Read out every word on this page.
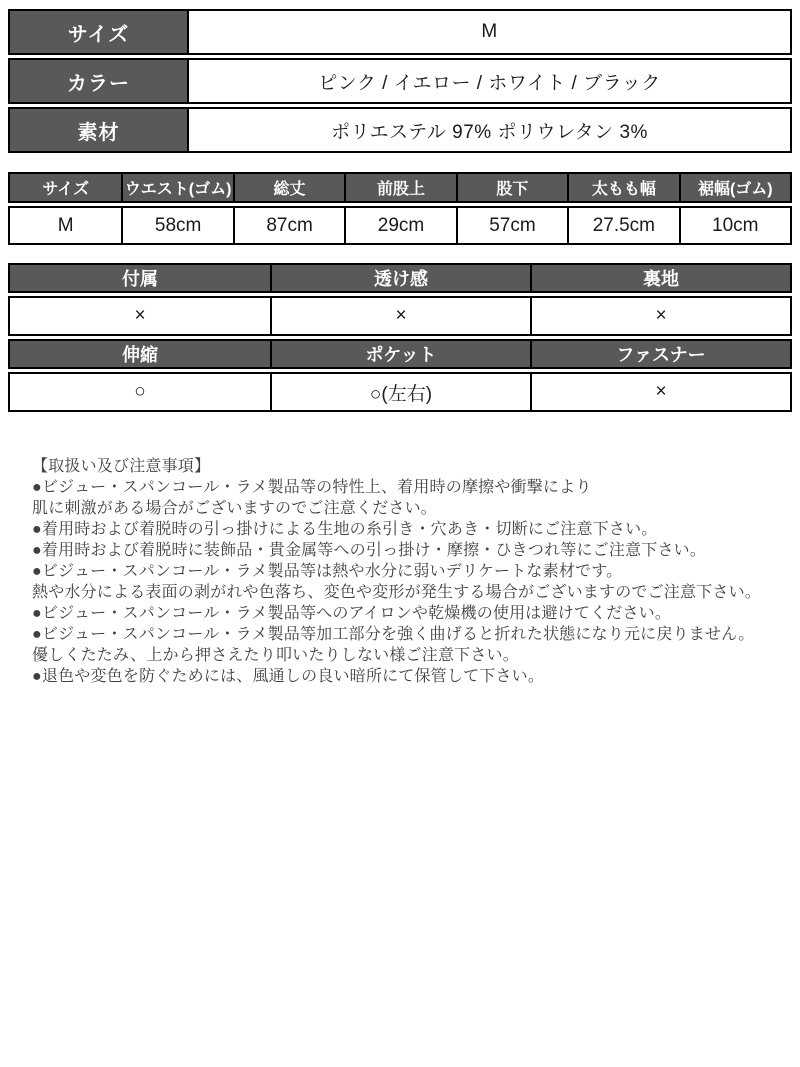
サイズ	M
カラー	ピンク / イエロー / ホワイト / ブラック
素材	ポリエステル 97% ポリウレタン 3%
サイズ	ウエスト(ゴム)	総丈	前股上	股下	太もも幅	裾幅(ゴム)
M	58cm	87cm	29cm	57cm	27.5cm	10cm
付属	透け感	裏地
×	×	×
伸縮	ポケット	ファスナー
○	○(左右)	×
【取扱い及び注意事項】
●ビジュー・スパンコール・ラメ製品等の特性上、着用時の摩擦や衝撃により
肌に刺激がある場合がございますのでご注意ください。
●着用時および着脱時の引っ掛けによる生地の糸引き・穴あき・切断にご注意下さい。
●着用時および着脱時に装飾品・貴金属等への引っ掛け・摩擦・ひきつれ等にご注意下さい。
●ビジュー・スパンコール・ラメ製品等は熱や水分に弱いデリケートな素材です。
熱や水分による表面の剥がれや色落ち、変色や変形が発生する場合がございますのでご注意下さい。
●ビジュー・スパンコール・ラメ製品等へのアイロンや乾燥機の使用は避けてください。
●ビジュー・スパンコール・ラメ製品等加工部分を強く曲げると折れた状態になり元に戻りません。
優しくたたみ、上から押さえたり叩いたりしない様ご注意下さい。
●退色や変色を防ぐためには、風通しの良い暗所にて保管して下さい。
